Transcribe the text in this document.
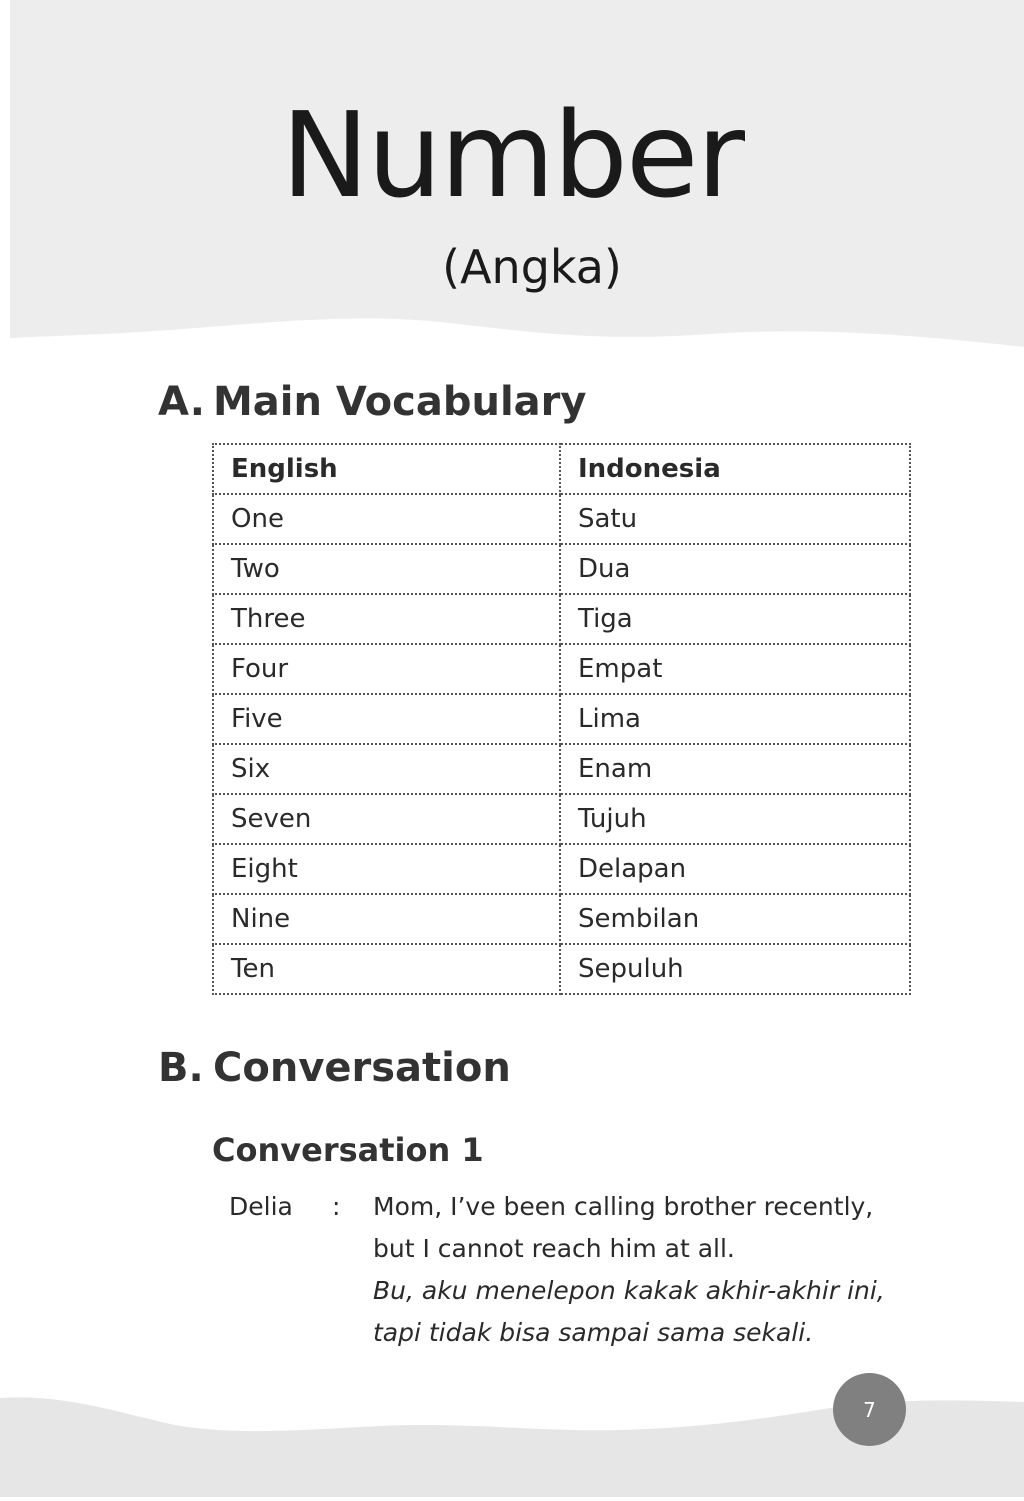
Number
(Angka)
A. Main Vocabulary
English	Indonesia
One	Satu
Two	Dua
Three	Tiga
Four	Empat
Five	Lima
Six	Enam
Seven	Tujuh
Eight	Delapan
Nine	Sembilan
Ten	Sepuluh
B. Conversation
Conversation 1
Delia : Mom, I’ve been calling brother recently,

but I cannot reach him at all.

Bu, aku menelepon kakak akhir-akhir ini,

tapi tidak bisa sampai sama sekali.

7
